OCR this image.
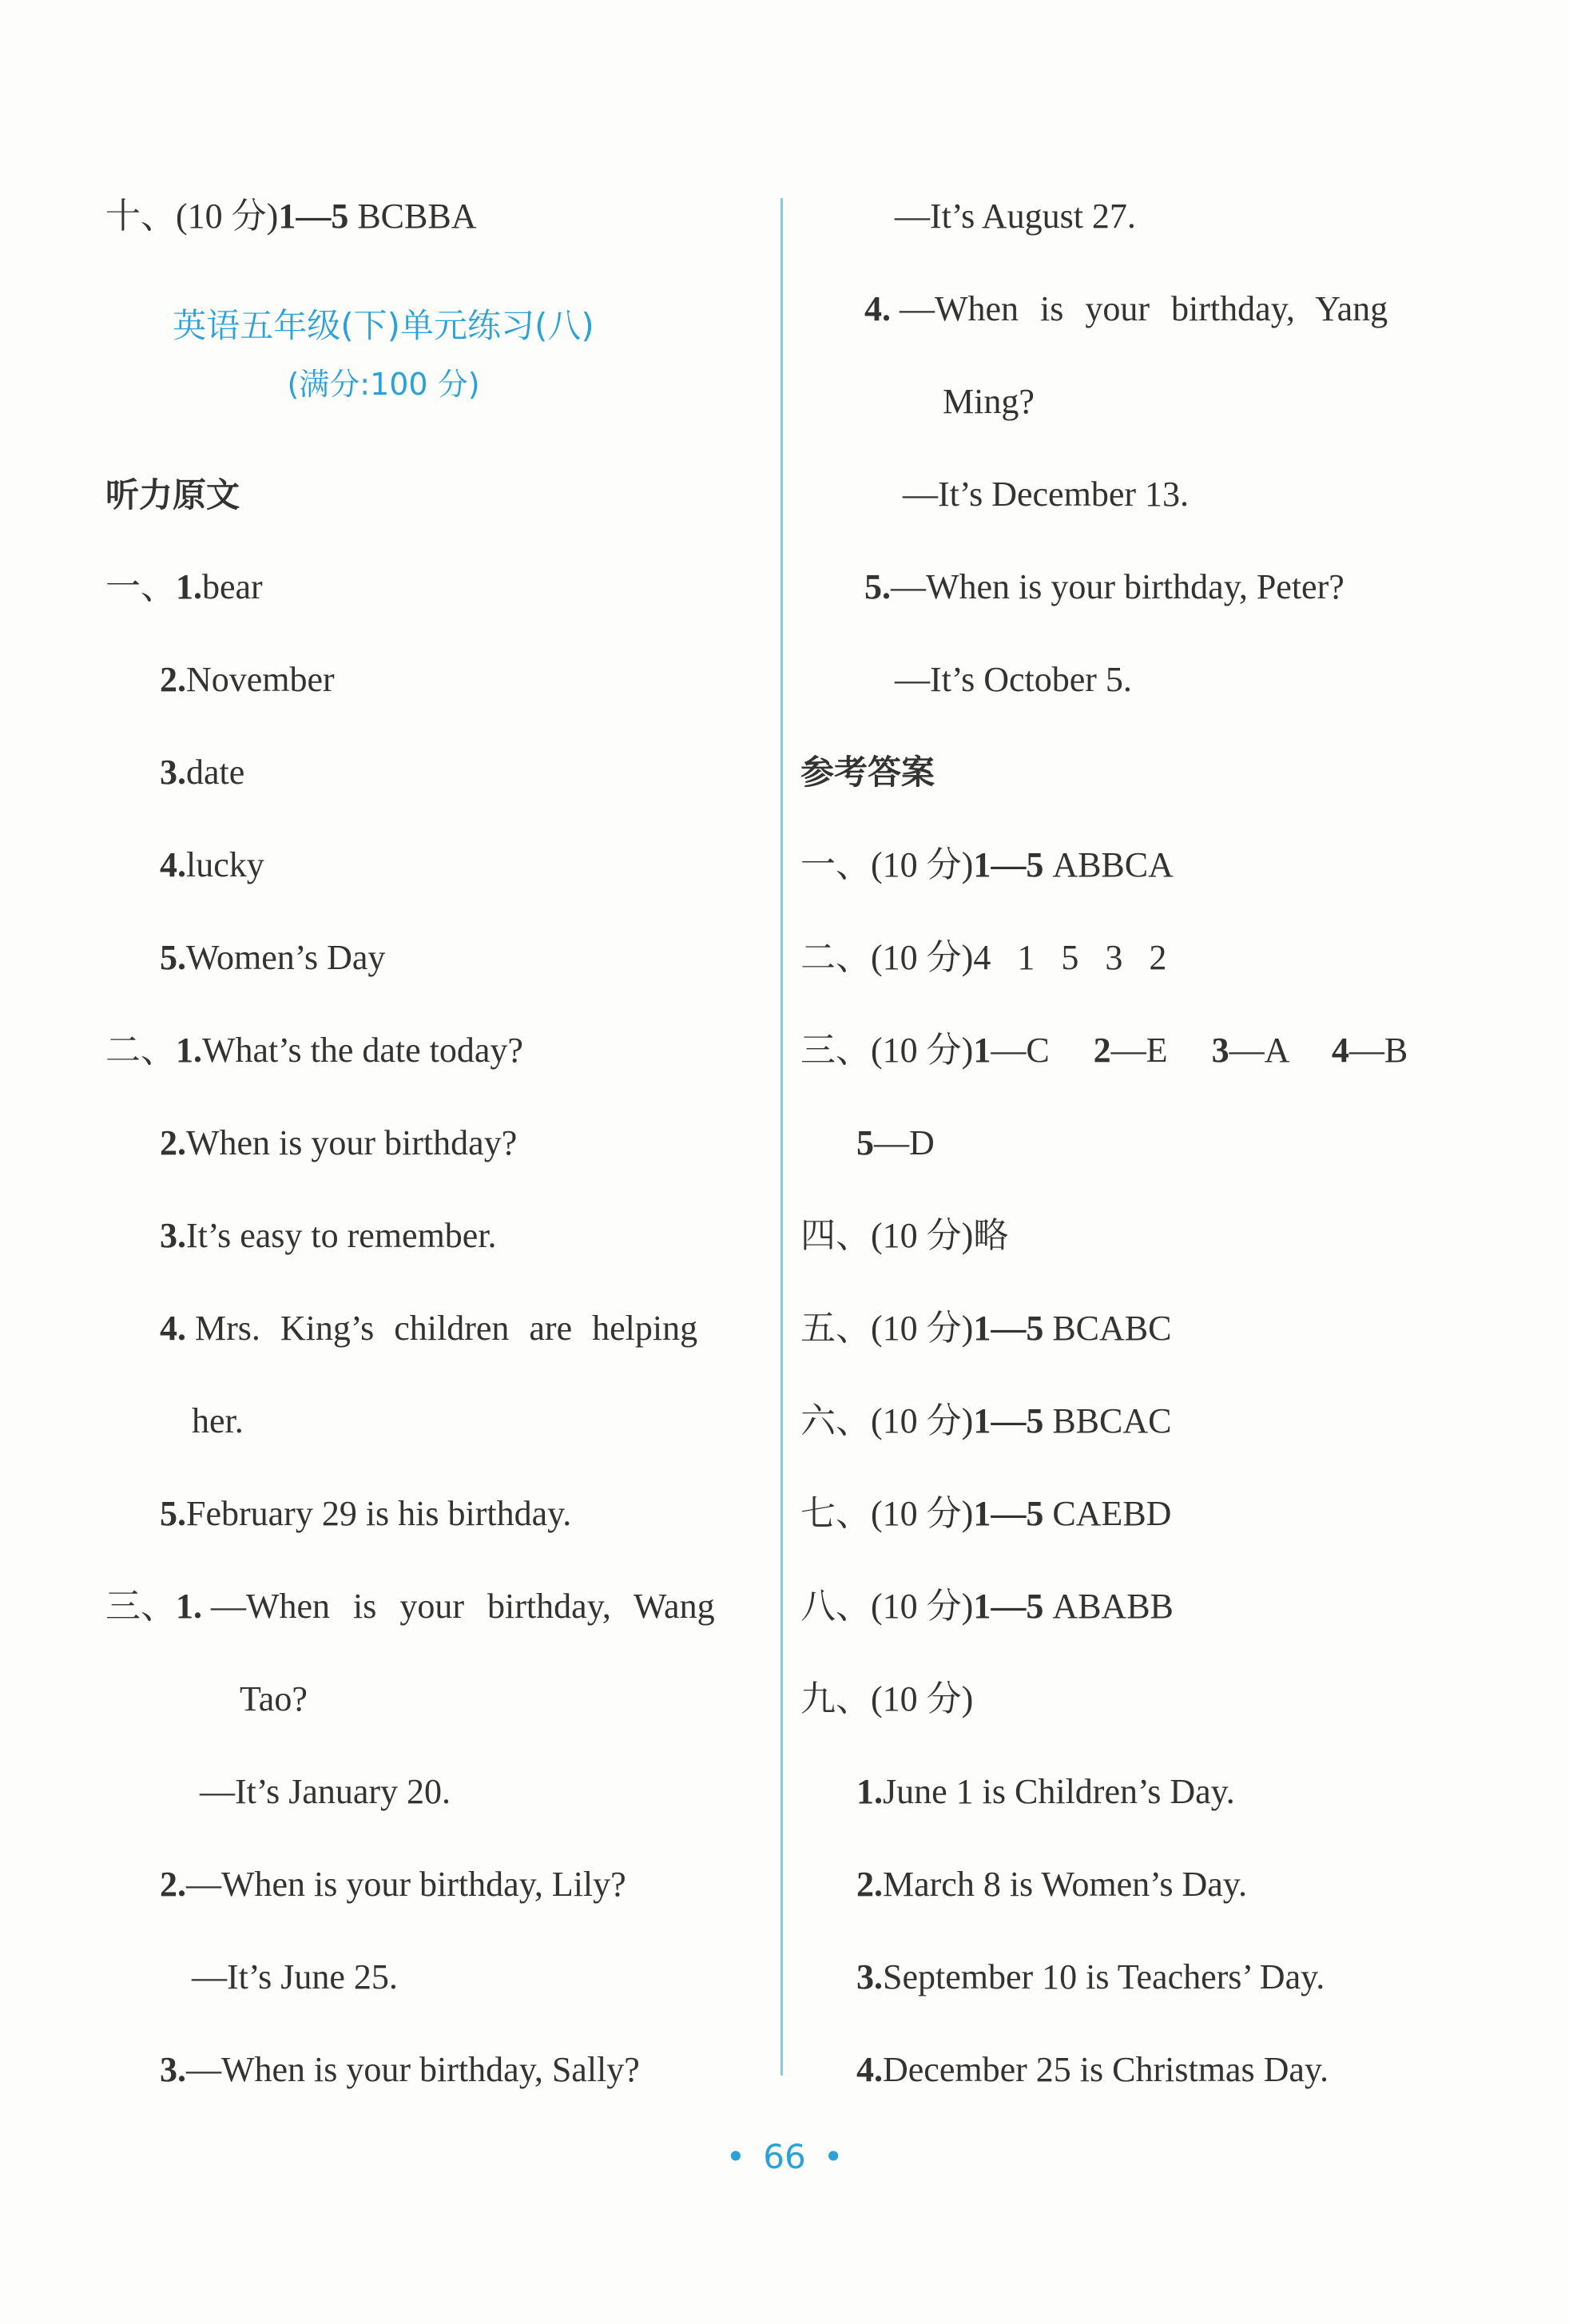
十、(10 分)1—5 BCBBA
英语五年级(下)单元练习(八)
(满分:100 分)
听力原文
一、1.bear
2.November
3.date
4.lucky
5.Women’s Day
二、1.What’s the date today?
2.When is your birthday?
3.It’s easy to remember.
4. Mrs. King’s children are helping
her.
5.February 29 is his birthday.
三、1. —When is your birthday, Wang
Tao?
—It’s January 20.
2.—When is your birthday, Lily?
—It’s June 25.
3.—When is your birthday, Sally?
—It’s August 27.
4. —When is your birthday, Yang
Ming?
—It’s December 13.
5.—When is your birthday, Peter?
—It’s October 5.
参考答案
一、(10 分)1—5 ABBCA
二、(10 分)4   1   5   3   2
三、(10 分)1—C 2—E 3—A 4—B
5—D
四、(10 分)略
五、(10 分)1—5 BCABC
六、(10 分)1—5 BBCAC
七、(10 分)1—5 CAEBD
八、(10 分)1—5 ABABB
九、(10 分)
1.June 1 is Children’s Day.
2.March 8 is Women’s Day.
3.September 10 is Teachers’ Day.
4.December 25 is Christmas Day.
• 66 •
